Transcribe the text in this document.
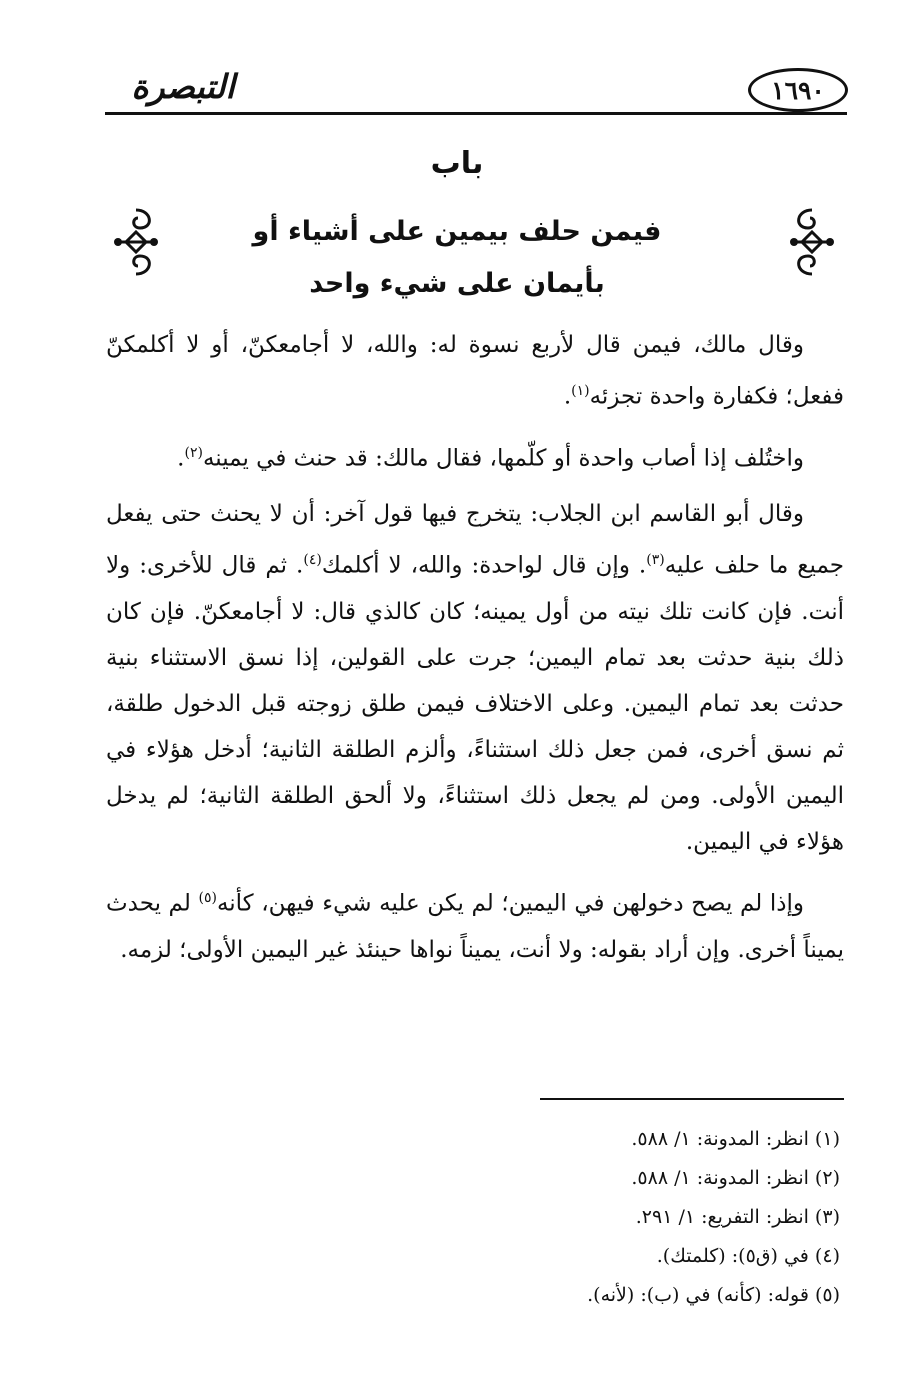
١٦٩٠
التبصرة
باب
فيمن حلف بيمين على أشياء أو
بأيمان على شيء واحد

وقال مالك، فيمن قال لأربع نسوة له: والله، لا أجامعكنّ، أو لا أكلمكنّ ففعل؛ فكفارة واحدة تجزئه$^{(١)}$.

واختُلف إذا أصاب واحدة أو كلّمها، فقال مالك: قد حنث في يمينه$^{(٢)}$.

وقال أبو القاسم ابن الجلاب: يتخرج فيها قول آخر: أن لا يحنث حتى يفعل جميع ما حلف عليه$^{(٣)}$. وإن قال لواحدة: والله، لا أكلمك$^{(٤)}$. ثم قال للأخرى: ولا أنت. فإن كانت تلك نيته من أول يمينه؛ كان كالذي قال: لا أجامعكنّ. فإن كان ذلك بنية حدثت بعد تمام اليمين؛ جرت على القولين، إذا نسق الاستثناء بنية حدثت بعد تمام اليمين. وعلى الاختلاف فيمن طلق زوجته قبل الدخول طلقة، ثم نسق أخرى، فمن جعل ذلك استثناءً، وألزم الطلقة الثانية؛ أدخل هؤلاء في اليمين الأولى. ومن لم يجعل ذلك استثناءً، ولا ألحق الطلقة الثانية؛ لم يدخل هؤلاء في اليمين.

وإذا لم يصح دخولهن في اليمين؛ لم يكن عليه شيء فيهن، كأنه$^{(٥)}$ لم يحدث يميناً أخرى. وإن أراد بقوله: ولا أنت، يميناً نواها حينئذ غير اليمين الأولى؛ لزمه.

(١) انظر: المدونة: ١/ ٥٨٨.
(٢) انظر: المدونة: ١/ ٥٨٨.
(٣) انظر: التفريع: ١/ ٢٩١.
(٤) في (ق٥): (كلمتك).
(٥) قوله: (كأنه) في (ب): (لأنه).
